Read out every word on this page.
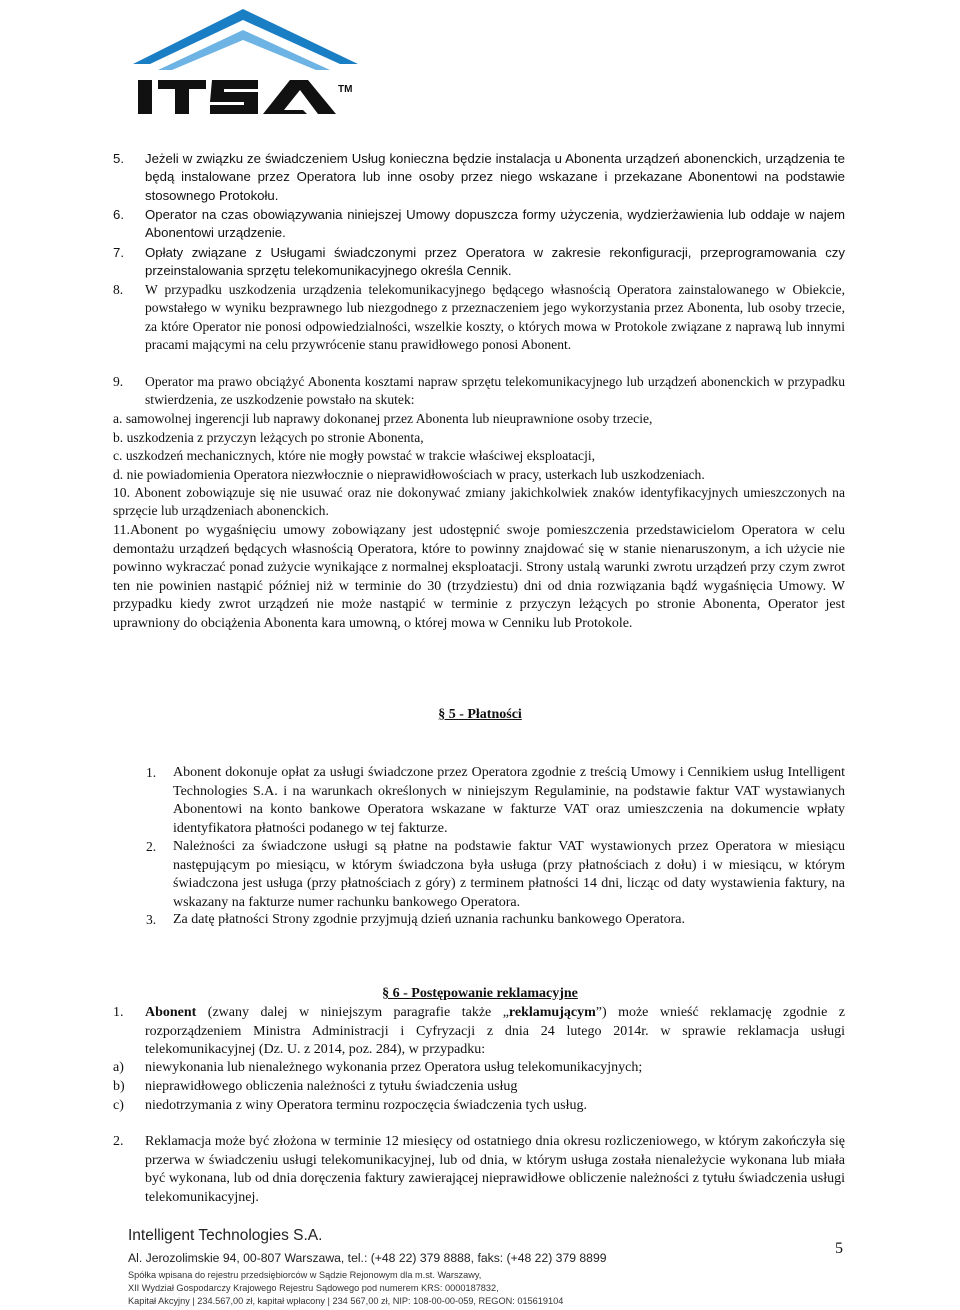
TM
5. Jeżeli w związku ze świadczeniem Usług konieczna będzie instalacja u Abonenta urządzeń abonenckich, urządzenia te będą instalowane przez Operatora lub inne osoby przez niego wskazane i przekazane Abonentowi na podstawie stosownego Protokołu.

6. Operator na czas obowiązywania niniejszej Umowy dopuszcza formy użyczenia, wydzierżawienia lub oddaje w najem Abonentowi urządzenie.

7. Opłaty związane z Usługami świadczonymi przez Operatora w zakresie rekonfiguracji, przeprogramowania czy przeinstalowania sprzętu telekomunikacyjnego określa Cennik.

8. W przypadku uszkodzenia urządzenia telekomunikacyjnego będącego własnością Operatora zainstalowanego w Obiekcie, powstałego w wyniku bezprawnego lub niezgodnego z przeznaczeniem jego wykorzystania przez Abonenta, lub osoby trzecie, za które Operator nie ponosi odpowiedzialności, wszelkie koszty, o których mowa w Protokole związane z naprawą lub innymi pracami mającymi na celu przywrócenie stanu prawidłowego ponosi Abonent.

9. Operator ma prawo obciążyć Abonenta kosztami napraw sprzętu telekomunikacyjnego lub urządzeń abonenckich w przypadku stwierdzenia, ze uszkodzenie powstało na skutek:

a. samowolnej ingerencji lub naprawy dokonanej przez Abonenta lub nieuprawnione osoby trzecie,

b. uszkodzenia z przyczyn leżących po stronie Abonenta,

c. uszkodzeń mechanicznych, które nie mogły powstać w trakcie właściwej eksploatacji,

d. nie powiadomienia Operatora niezwłocznie o nieprawidłowościach w pracy, usterkach lub uszkodzeniach.

10. Abonent zobowiązuje się nie usuwać oraz nie dokonywać zmiany jakichkolwiek znaków identyfikacyjnych umieszczonych na sprzęcie lub urządzeniach abonenckich.

11.Abonent po wygaśnięciu umowy zobowiązany jest udostępnić swoje pomieszczenia przedstawicielom Operatora w celu demontażu urządzeń będących własnością Operatora, które to powinny znajdować się w stanie nienaruszonym, a ich użycie nie powinno wykraczać ponad zużycie wynikające z normalnej eksploatacji. Strony ustalą warunki zwrotu urządzeń przy czym zwrot ten nie powinien nastąpić później niż w terminie do 30 (trzydziestu) dni od dnia rozwiązania bądź wygaśnięcia Umowy. W przypadku kiedy zwrot urządzeń nie może nastąpić w terminie z przyczyn leżących po stronie Abonenta, Operator jest uprawniony do obciążenia Abonenta kara umowną, o której mowa w Cenniku lub Protokole.

§ 5 - Płatności
1. Abonent dokonuje opłat za usługi świadczone przez Operatora zgodnie z treścią Umowy i Cennikiem usług Intelligent Technologies S.A. i na warunkach określonych w niniejszym Regulaminie, na podstawie faktur VAT wystawianych Abonentowi na konto bankowe Operatora wskazane w fakturze VAT oraz umieszczenia na dokumencie wpłaty identyfikatora płatności podanego w tej fakturze.

2. Należności za świadczone usługi są płatne na podstawie faktur VAT wystawionych przez Operatora w miesiącu następującym po miesiącu, w którym świadczona była usługa (przy płatnościach z dołu) i w miesiącu, w którym świadczona jest usługa (przy płatnościach z góry) z terminem płatności 14 dni, licząc od daty wystawienia faktury, na wskazany na fakturze numer rachunku bankowego Operatora.

3. Za datę płatności Strony zgodnie przyjmują dzień uznania rachunku bankowego Operatora.

§ 6 - Postępowanie reklamacyjne
1. Abonent (zwany dalej w niniejszym paragrafie także „reklamującym”) może wnieść reklamację zgodnie z rozporządzeniem Ministra Administracji i Cyfryzacji z dnia 24 lutego 2014r. w sprawie reklamacja usługi telekomunikacyjnej (Dz. U. z 2014, poz. 284), w przypadku:

a) niewykonania lub nienależnego wykonania przez Operatora usług telekomunikacyjnych;

b) nieprawidłowego obliczenia należności z tytułu świadczenia usług

c) niedotrzymania z winy Operatora terminu rozpoczęcia świadczenia tych usług.

2. Reklamacja może być złożona w terminie 12 miesięcy od ostatniego dnia okresu rozliczeniowego, w którym zakończyła się przerwa w świadczeniu usługi telekomunikacyjnej, lub od dnia, w którym usługa została nienależycie wykonana lub miała być wykonana, lub od dnia doręczenia faktury zawierającej nieprawidłowe obliczenie należności z tytułu świadczenia usługi telekomunikacyjnej.

Intelligent Technologies S.A.
Al. Jerozolimskie 94, 00-807 Warszawa, tel.: (+48 22) 379 8888, faks: (+48 22) 379 8899
Spółka wpisana do rejestru przedsiębiorców w Sądzie Rejonowym dla m.st. Warszawy,
XII Wydział Gospodarczy Krajowego Rejestru Sądowego pod numerem KRS: 0000187832,
Kapitał Akcyjny | 234.567,00 zł, kapitał wpłacony | 234 567,00 zł, NIP: 108-00-00-059, REGON: 015619104
5
